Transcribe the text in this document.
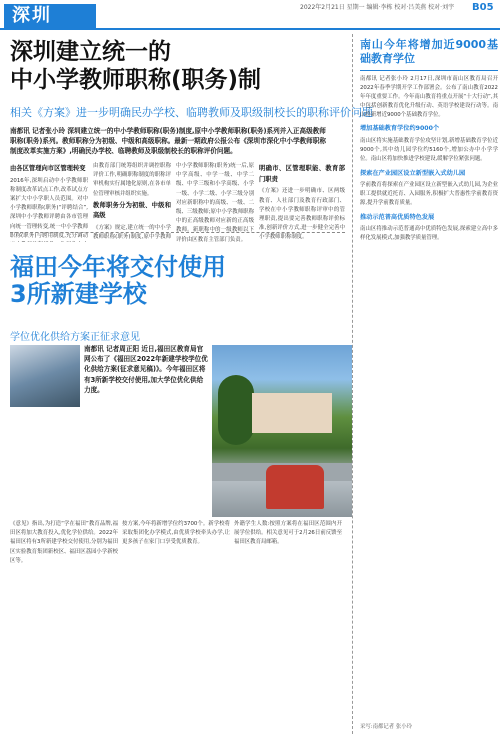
深圳	2022年2月21日 星期一 编辑·李栋 校对·吕美燕 校对·刘宇	B05
深圳建立统一的
中小学教师职称(职务)制
相关《方案》进一步明确民办学校、临聘教师及职级制校长的职称评价问题
南都讯 记者张小玲 深圳建立统一的中小学教师职称(职务)制度,原中小学教师职称(职务)系列并入正高级教师职称(职务)系列。教师职称分为初级、中级和高级职称。最新一期政府公报公布《深圳市深化中小学教师职称制度改革实施方案》,明确民办学校、临聘教师及职级制校长的职称评价问题。
由各区管理向市区管理转变
2016年,深圳启动中小学教师职称制度改革试点工作,改革试点方案扩大中小学职人员范围。对中小学教师职称(职务)“评聘结合”,深圳中小学教师评聘由各市管理向统一管理转变,统一中小学教师职称(职务)与聘用制度,充分调动
由教育部门统筹组织并调控职称评价工作,明确职称制度的职称评审机构实行属地化原则,在各市单位管理审核并组织实施。
教师职务分为初级、中级和高级
《方案》规定,建立统一的中小学教师职称(职务)制度,原中学教师
中小学教师职称(职务)统一后,原中学高级、中学一级、中学二级、中学三级和小学高级、小学一级、小学二级、小学三级分别对应新职称中的高级、一级、二级、三级教师;原中小学教师职称中的正高级教师对应新的正高级教师。新职称中的一级教师以下评价由区教育主管部门负责。
明确市、区管理职能、教育部门职责
《方案》还进一步明确市、区两级教育、人社部门及教育行政部门、学校在中小学教师职称评审中的管理职责,提出要完善教师职称评价标准,创新评价方式,进一步健全完善中小学教师职称制度。
南山今年将增加近9000基础教育学位
南都讯 记者张小玲 2月17日,深圳市南山区教育局召开2022年春季学期开学工作部署会。公布了南山教育2022年年度重要工作。今年南山教育将重点开展“十大行动”,其中包括创新教育优化升级行动、英语学校建设行动等。南山将新增近9000个基础教育学位。
增加基础教育学位约9000个
南山区将实施基础教育学位攻坚计划,新增基础教育学位近9000个,其中幼儿园学位约5160个,增加公办中小学学位。南山区将加快推进学校建设,缓解学位紧张问题。
探索在产业园区设立新型嵌入式幼儿园
学前教育将探索在产业园区设立新型嵌入式幼儿园,为企业职工提供就近托育、入园服务,积极扩大普惠性学前教育资源,提升学前教育质量。
推动示范普高优质特色发展
南山区将推动示范普通高中优质特色发展,探索建立高中多样化发展模式,加强教学质量管理。
采写:南都记者 张小玲
福田今年将交付使用
3所新建学校
学位优化供给方案正征求意见
南都讯 记者周正阳 近日,福田区教育局官网公布了《福田区2022年新建学校学位优化供给方案(征求意见稿)》。今年福田区将有3所新学校交付使用,加大学位优化供给力度。
《意见》指出,为打造“学在福田”教育品牌,福田区将加大教育投入,优化学位供给。2022年福田区将有3所新建学校交付使用,分别为福田区实验教育集团新校区、福田区荔园小学新校区等。
按方案,今年将新增学位约3700个。新学校将采取集团化办学模式,由优质学校牵头办学,让更多孩子在家门口享受优质教育。
外籍学生人数:按照方案将在福田区范围内开展学位供给。相关意见可于2月26日前反馈至福田区教育局邮箱。
